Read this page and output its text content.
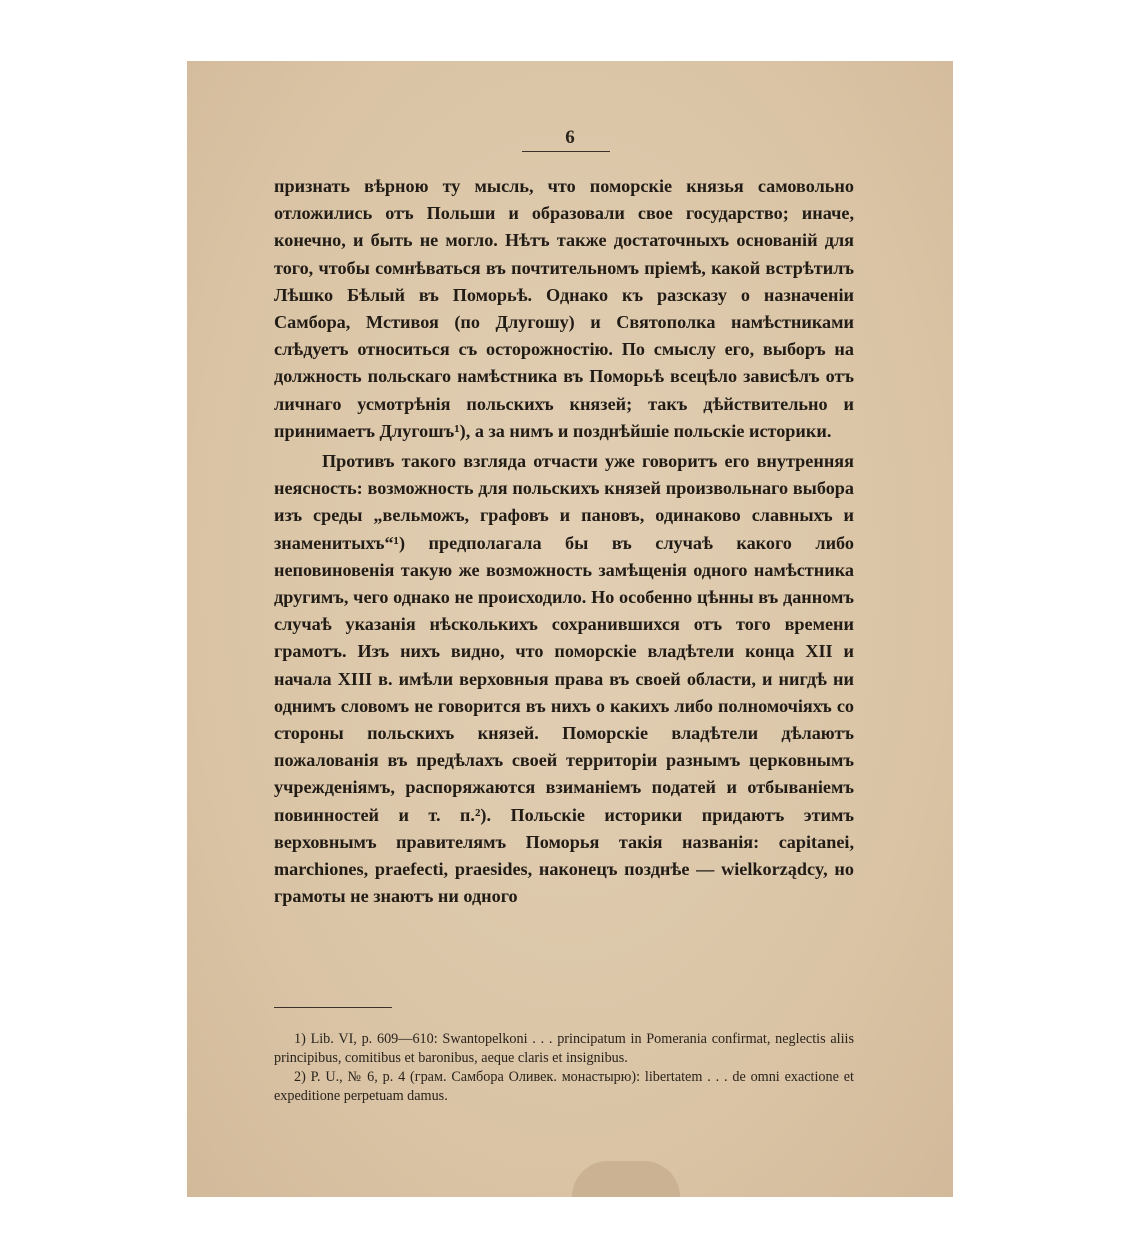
6

признать вѣрною ту мысль, что поморскіе князья самовольно отложились отъ Польши и образовали свое государство; иначе, конечно, и быть не могло. Нѣтъ также достаточныхъ основаній для того, чтобы сомнѣваться въ почтительномъ пріемѣ, какой встрѣтилъ Лѣшко Бѣлый въ Поморьѣ. Однако къ разсказу о назначеніи Самбора, Мстивоя (по Длугошу) и Святополка намѣстниками слѣдуетъ относиться съ осторожностію. По смыслу его, выборъ на должность польскаго намѣстника въ Поморьѣ всецѣло зависѣлъ отъ личнаго усмотрѣнія польскихъ князей; такъ дѣйствительно и принимаетъ Длугошъ¹), а за нимъ и позднѣйшіе польскіе историки.

Противъ такого взгляда отчасти уже говоритъ его внутренняя неясность: возможность для польскихъ князей произвольнаго выбора изъ среды „вельможъ, графовъ и пановъ, одинаково славныхъ и знаменитыхъ“¹) предполагала бы въ случаѣ какого либо неповиновенія такую же возможность замѣщенія одного намѣстника другимъ, чего однако не происходило. Но особенно цѣнны въ данномъ случаѣ указанія нѣсколькихъ сохранившихся отъ того времени грамотъ. Изъ нихъ видно, что поморскіе владѣтели конца XII и начала XIII в. имѣли верховныя права въ своей области, и нигдѣ ни однимъ словомъ не говорится въ нихъ о какихъ либо полномочіяхъ со стороны польскихъ князей. Поморскіе владѣтели дѣлаютъ пожалованія въ предѣлахъ своей территоріи разнымъ церковнымъ учрежденіямъ, распоряжаются взиманіемъ податей и отбываніемъ повинностей и т. п.²). Польскіе историки придаютъ этимъ верховнымъ правителямъ Поморья такія названія: capitanei, marchiones, praefecti, praesides, наконецъ позднѣе — wielkorządcy, но грамоты не знаютъ ни одного

1) Lib. VI, p. 609—610: Swantopelkoni . . . principatum in Pomerania confirmat, neglectis aliis principibus, comitibus et baronibus, aeque claris et insignibus.

2) P. U., № 6, p. 4 (грам. Самбора Оливек. монастырю): libertatem . . . de omni exactione et expeditione perpetuam damus.
